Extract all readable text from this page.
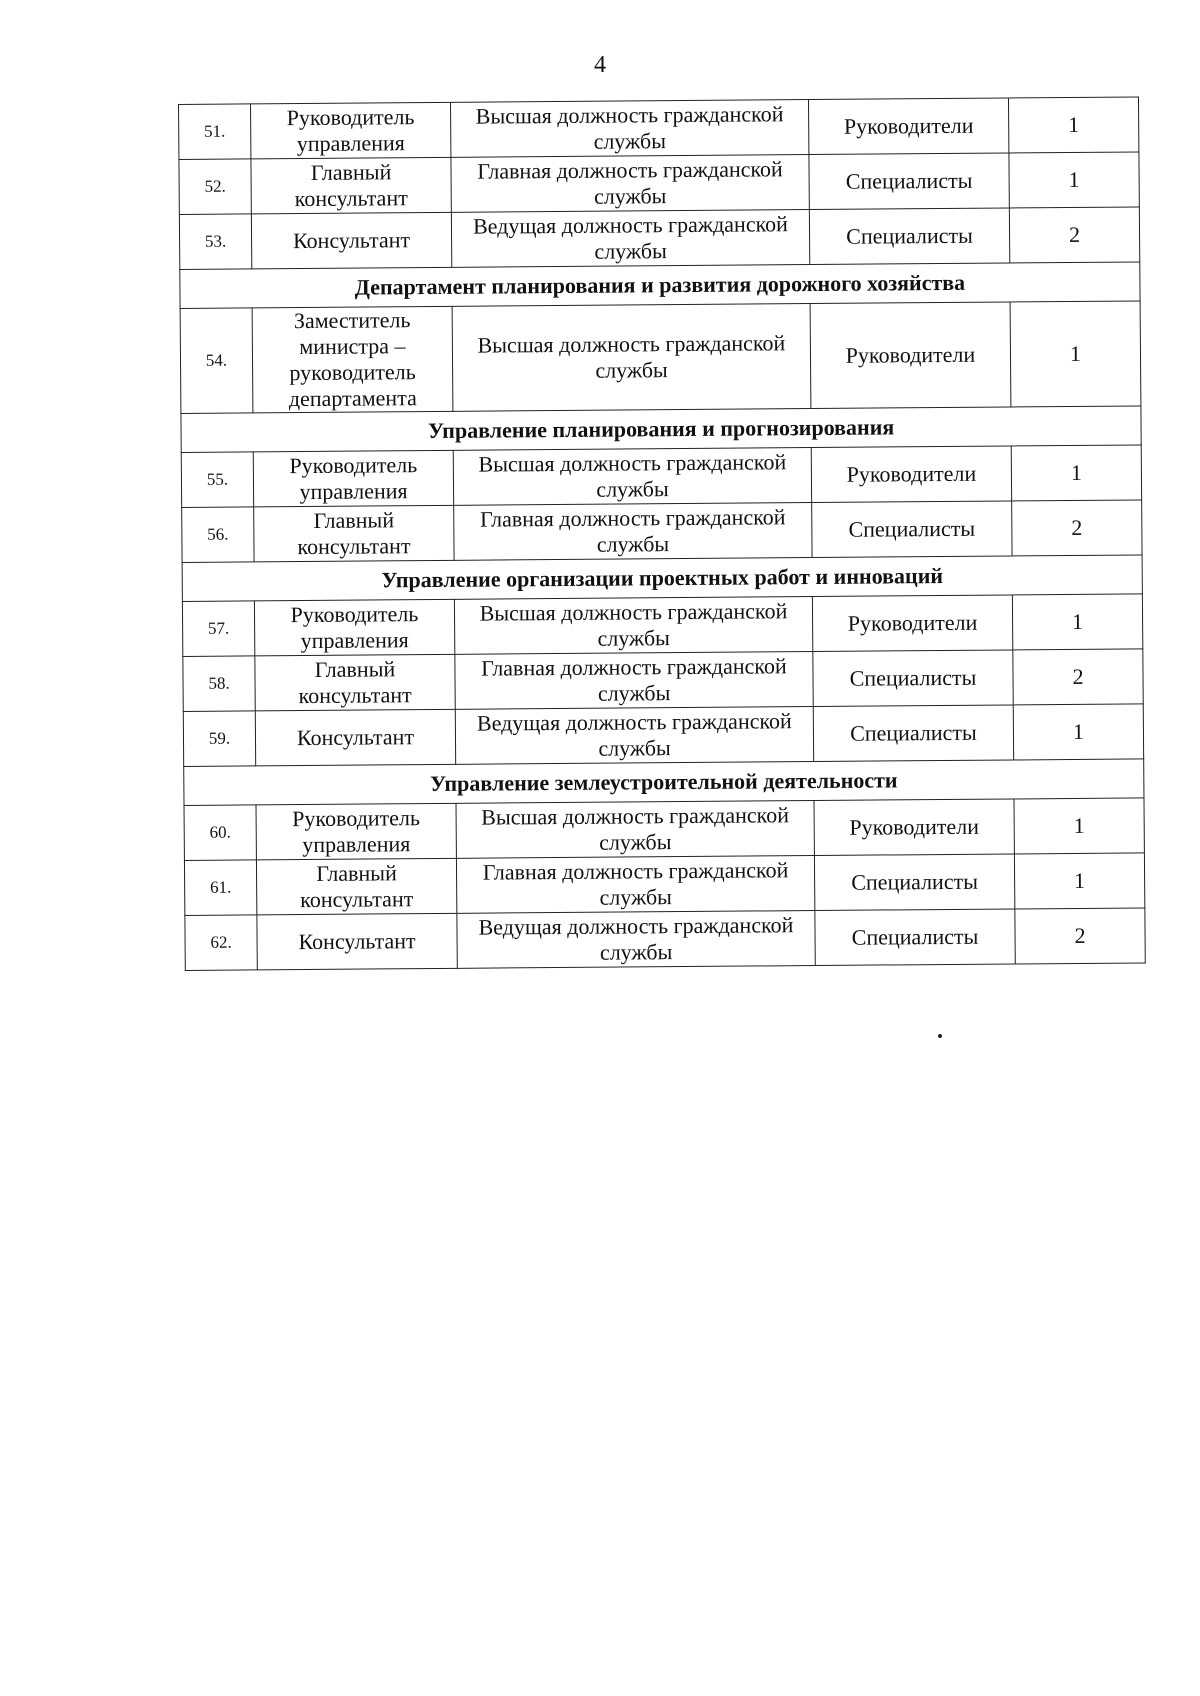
4
51.	Руководитель управления	Высшая должность гражданской службы	Руководители	1
52.	Главный консультант	Главная должность гражданской службы	Специалисты	1
53.	Консультант	Ведущая должность гражданской службы	Специалисты	2
Департамент планирования и развития дорожного хозяйства				
54.	Заместитель министра – руководитель департамента	Высшая должность гражданской службы	Руководители	1
Управление планирования и прогнозирования				
55.	Руководитель управления	Высшая должность гражданской службы	Руководители	1
56.	Главный консультант	Главная должность гражданской службы	Специалисты	2
Управление организации проектных работ и инноваций				
57.	Руководитель управления	Высшая должность гражданской службы	Руководители	1
58.	Главный консультант	Главная должность гражданской службы	Специалисты	2
59.	Консультант	Ведущая должность гражданской службы	Специалисты	1
Управление землеустроительной деятельности				
60.	Руководитель управления	Высшая должность гражданской службы	Руководители	1
61.	Главный консультант	Главная должность гражданской службы	Специалисты	1
62.	Консультант	Ведущая должность гражданской службы	Специалисты	2
